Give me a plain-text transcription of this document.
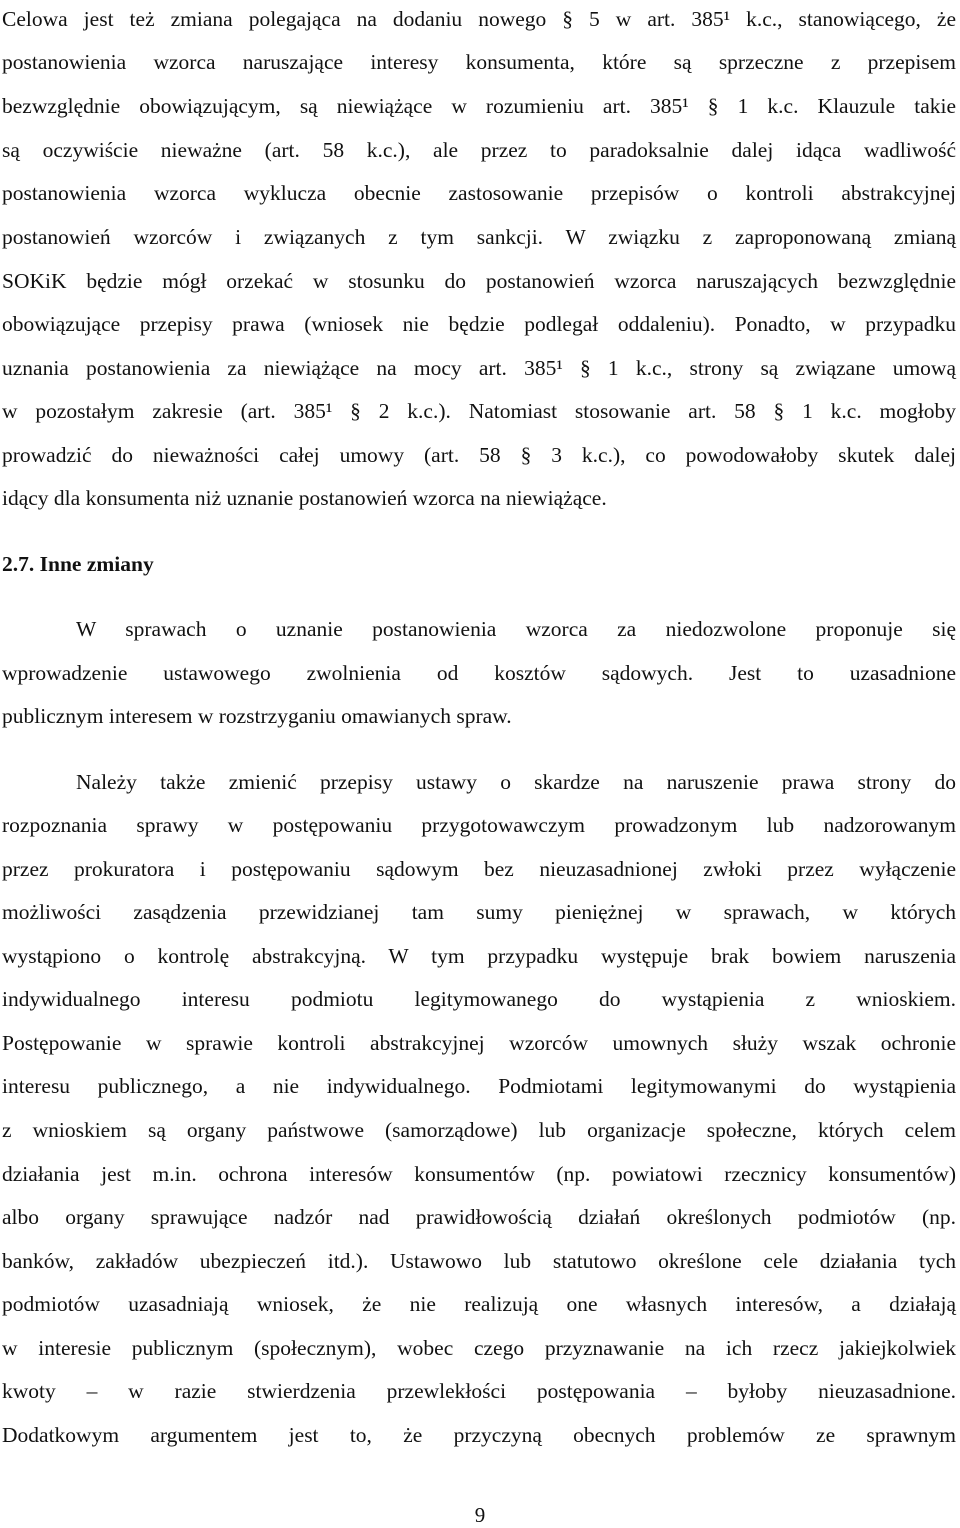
Celowa jest też zmiana polegająca na dodaniu nowego § 5 w art. 385¹ k.c., stanowiącego, że
postanowienia wzorca naruszające interesy konsumenta, które są sprzeczne z przepisem
bezwzględnie obowiązującym, są niewiążące w rozumieniu art. 385¹ § 1 k.c. Klauzule takie
są oczywiście nieważne (art. 58 k.c.), ale przez to paradoksalnie dalej idąca wadliwość
postanowienia wzorca wyklucza obecnie zastosowanie przepisów o kontroli abstrakcyjnej
postanowień wzorców i związanych z tym sankcji. W związku z zaproponowaną zmianą
SOKiK będzie mógł orzekać w stosunku do postanowień wzorca naruszających bezwzględnie
obowiązujące przepisy prawa (wniosek nie będzie podlegał oddaleniu). Ponadto, w przypadku
uznania postanowienia za niewiążące na mocy art. 385¹ § 1 k.c., strony są związane umową
w pozostałym zakresie (art. 385¹ § 2 k.c.). Natomiast stosowanie art. 58 § 1 k.c. mogłoby
prowadzić do nieważności całej umowy (art. 58 § 3 k.c.), co powodowałoby skutek dalej
idący dla konsumenta niż uznanie postanowień wzorca na niewiążące.
2.7. Inne zmiany
W sprawach o uznanie postanowienia wzorca za niedozwolone proponuje się
wprowadzenie ustawowego zwolnienia od kosztów sądowych. Jest to uzasadnione
publicznym interesem w rozstrzyganiu omawianych spraw.
Należy także zmienić przepisy ustawy o skardze na naruszenie prawa strony do
rozpoznania sprawy w postępowaniu przygotowawczym prowadzonym lub nadzorowanym
przez prokuratora i postępowaniu sądowym bez nieuzasadnionej zwłoki przez wyłączenie
możliwości zasądzenia przewidzianej tam sumy pieniężnej w sprawach, w których
wystąpiono o kontrolę abstrakcyjną. W tym przypadku występuje brak bowiem naruszenia
indywidualnego interesu podmiotu legitymowanego do wystąpienia z wnioskiem.
Postępowanie w sprawie kontroli abstrakcyjnej wzorców umownych służy wszak ochronie
interesu publicznego, a nie indywidualnego. Podmiotami legitymowanymi do wystąpienia
z wnioskiem są organy państwowe (samorządowe) lub organizacje społeczne, których celem
działania jest m.in. ochrona interesów konsumentów (np. powiatowi rzecznicy konsumentów)
albo organy sprawujące nadzór nad prawidłowością działań określonych podmiotów (np.
banków, zakładów ubezpieczeń itd.). Ustawowo lub statutowo określone cele działania tych
podmiotów uzasadniają wniosek, że nie realizują one własnych interesów, a działają
w interesie publicznym (społecznym), wobec czego przyznawanie na ich rzecz jakiejkolwiek
kwoty – w razie stwierdzenia przewlekłości postępowania – byłoby nieuzasadnione.
Dodatkowym argumentem jest to, że przyczyną obecnych problemów ze sprawnym
9
